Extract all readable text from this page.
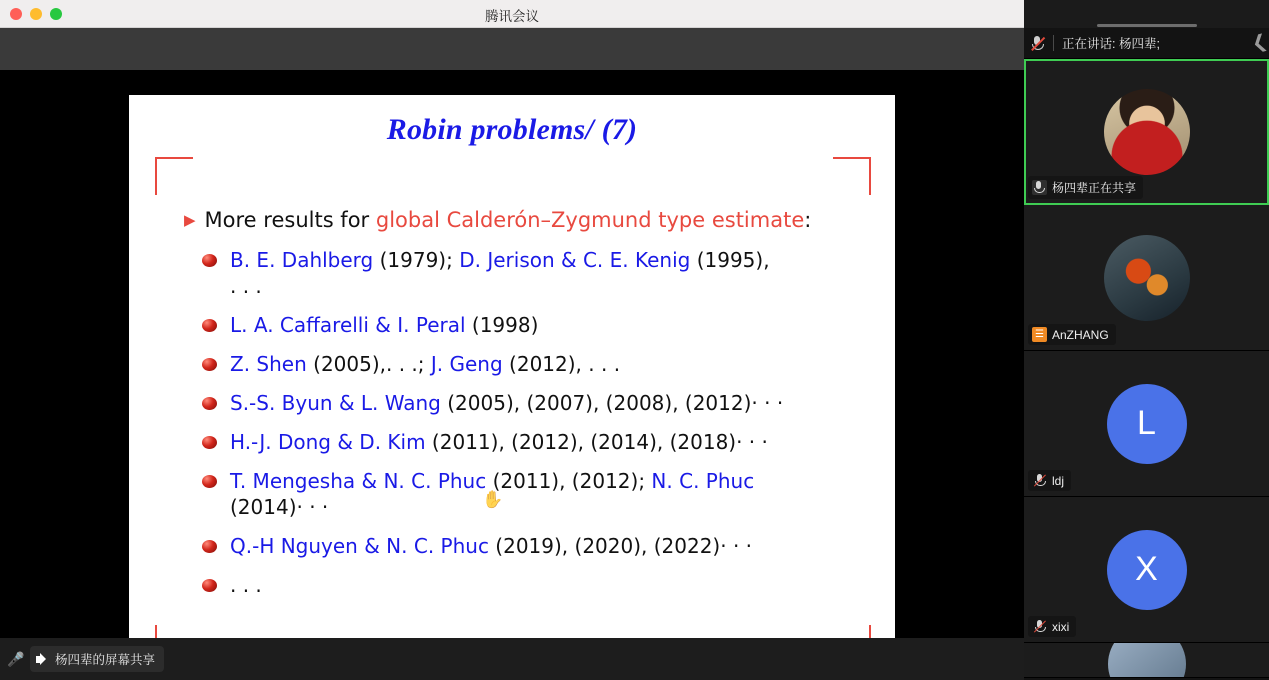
腾讯会议
Robin problems/ (7)
▶ More results for global Calderón–Zygmund type estimate:
B. E. Dahlberg (1979); D. Jerison & C. E. Kenig (1995),
. . .
L. A. Caffarelli & I. Peral (1998)
Z. Shen (2005),. . .; J. Geng (2012), . . .
S.-S. Byun & L. Wang (2005), (2007), (2008), (2012)· · ·
H.-J. Dong & D. Kim (2011), (2012), (2014), (2018)· · ·
T. Mengesha & N. C. Phuc (2011), (2012); N. C. Phuc
(2014)· · ·
Q.-H Nguyen & N. C. Phuc (2019), (2020), (2022)· · ·
. . .
✋
🎤 杨四辈的屏幕共享
正在讲话: 杨四辈;	❮

杨四辈正在共享
☰ AnZHANG
L
ldj
X
xixi
